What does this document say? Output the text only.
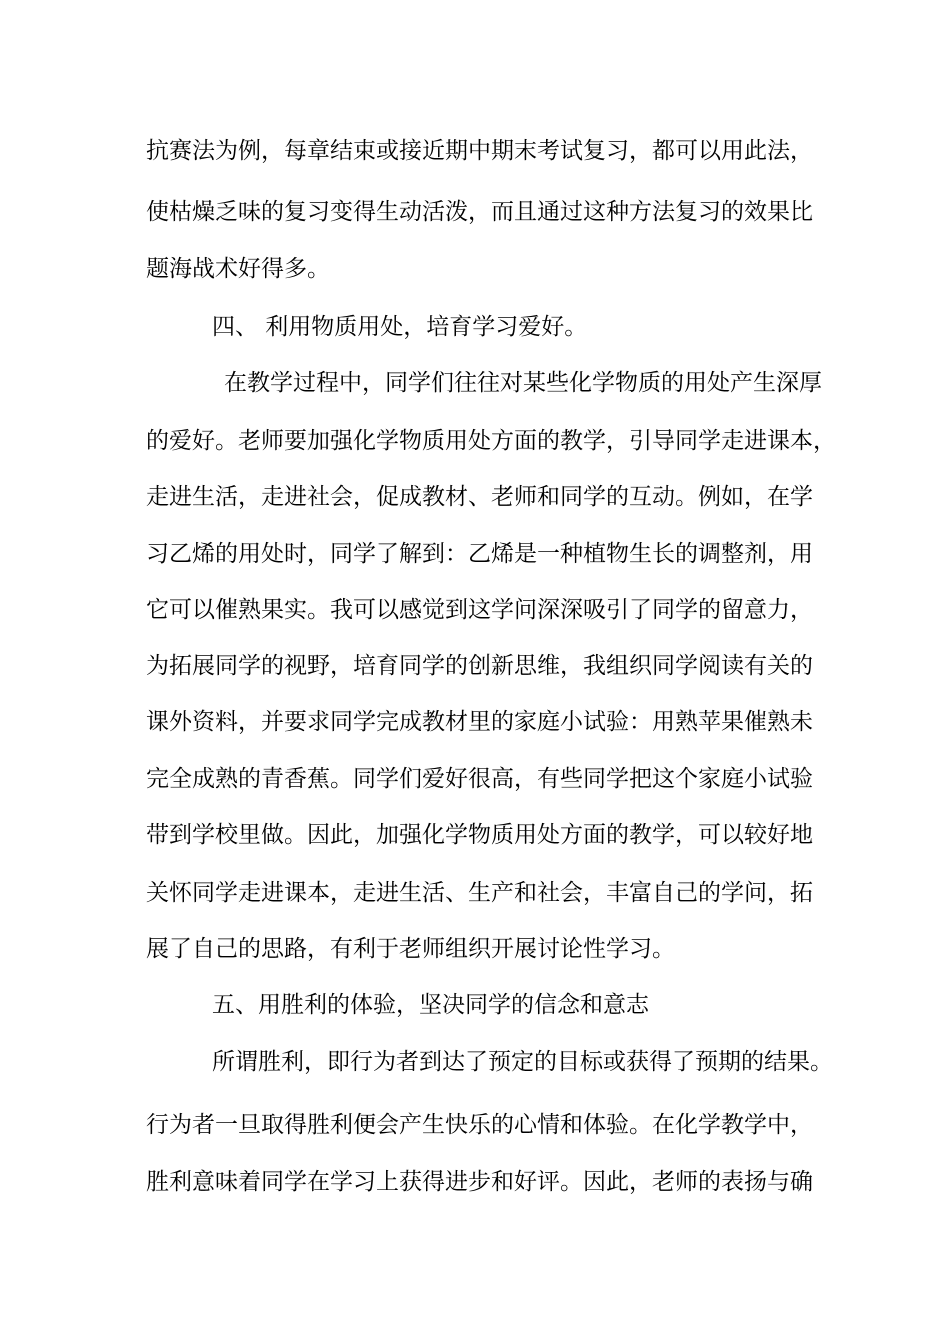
抗赛法为例，每章结束或接近期中期末考试复习，都可以用此法，
使枯燥乏味的复习变得生动活泼，而且通过这种方法复习的效果比
题海战术好得多。
四、 利用物质用处，培育学习爱好。
在教学过程中，同学们往往对某些化学物质的用处产生深厚
的爱好。老师要加强化学物质用处方面的教学，引导同学走进课本，
走进生活，走进社会，促成教材、老师和同学的互动。例如，在学
习乙烯的用处时，同学了解到：乙烯是一种植物生长的调整剂，用
它可以催熟果实。我可以感觉到这学问深深吸引了同学的留意力，
为拓展同学的视野，培育同学的创新思维，我组织同学阅读有关的
课外资料，并要求同学完成教材里的家庭小试验：用熟苹果催熟未
完全成熟的青香蕉。同学们爱好很高，有些同学把这个家庭小试验
带到学校里做。因此，加强化学物质用处方面的教学，可以较好地
关怀同学走进课本，走进生活、生产和社会，丰富自己的学问，拓
展了自己的思路，有利于老师组织开展讨论性学习。
五、用胜利的体验，坚决同学的信念和意志
所谓胜利，即行为者到达了预定的目标或获得了预期的结果。
行为者一旦取得胜利便会产生快乐的心情和体验。在化学教学中，
胜利意味着同学在学习上获得进步和好评。因此，老师的表扬与确
